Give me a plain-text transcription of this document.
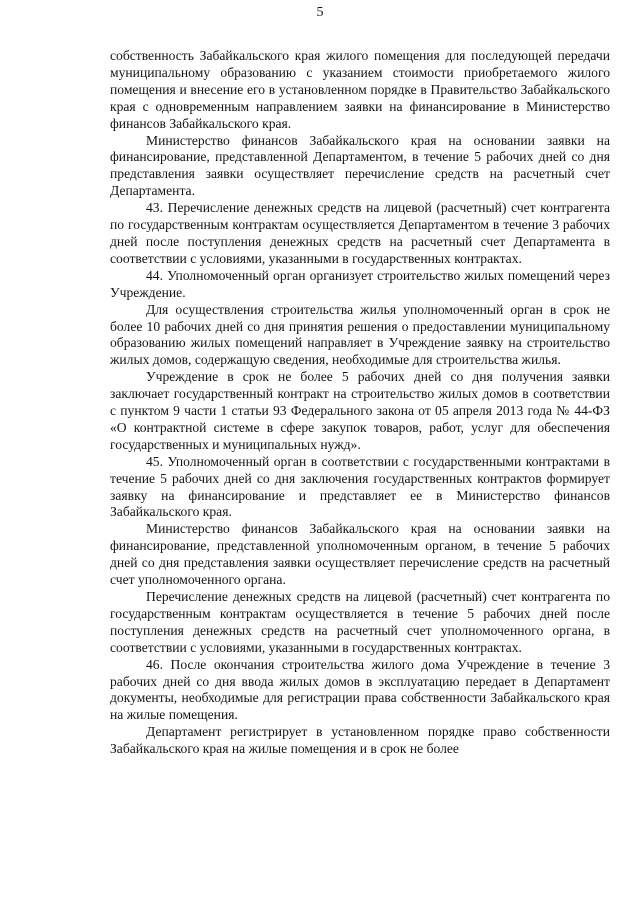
5

собственность Забайкальского края жилого помещения для последующей передачи муниципальному образованию с указанием стоимости приобретаемого жилого помещения и внесение его в установленном порядке в Правительство Забайкальского края с одновременным направлением заявки на финансирование в Министерство финансов Забайкальского края.

Министерство финансов Забайкальского края на основании заявки на финансирование, представленной Департаментом, в течение 5 рабочих дней со дня представления заявки осуществляет перечисление средств на расчетный счет Департамента.

43. Перечисление денежных средств на лицевой (расчетный) счет контрагента по государственным контрактам осуществляется Департаментом в течение 3 рабочих дней после поступления денежных средств на расчетный счет Департамента в соответствии с условиями, указанными в государственных контрактах.

44. Уполномоченный орган организует строительство жилых помещений через Учреждение.

Для осуществления строительства жилья уполномоченный орган в срок не более 10 рабочих дней со дня принятия решения о предоставлении муниципальному образованию жилых помещений направляет в Учреждение заявку на строительство жилых домов, содержащую сведения, необходимые для строительства жилья.

Учреждение в срок не более 5 рабочих дней со дня получения заявки заключает государственный контракт на строительство жилых домов в соответствии с пунктом 9 части 1 статьи 93 Федерального закона от 05 апреля 2013 года № 44-ФЗ «О контрактной системе в сфере закупок товаров, работ, услуг для обеспечения государственных и муниципальных нужд».

45. Уполномоченный орган в соответствии с государственными контрактами в течение 5 рабочих дней со дня заключения государственных контрактов формирует заявку на финансирование и представляет ее в Министерство финансов Забайкальского края.

Министерство финансов Забайкальского края на основании заявки на финансирование, представленной уполномоченным органом, в течение 5 рабочих дней со дня представления заявки осуществляет перечисление средств на расчетный счет уполномоченного органа.

Перечисление денежных средств на лицевой (расчетный) счет контрагента по государственным контрактам осуществляется в течение 5 рабочих дней после поступления денежных средств на расчетный счет уполномоченного органа, в соответствии с условиями, указанными в государственных контрактах.

46. После окончания строительства жилого дома Учреждение в течение 3 рабочих дней со дня ввода жилых домов в эксплуатацию передает в Департамент документы, необходимые для регистрации права собственности Забайкальского края на жилые помещения.

Департамент регистрирует в установленном порядке право собственности Забайкальского края на жилые помещения и в срок не более
